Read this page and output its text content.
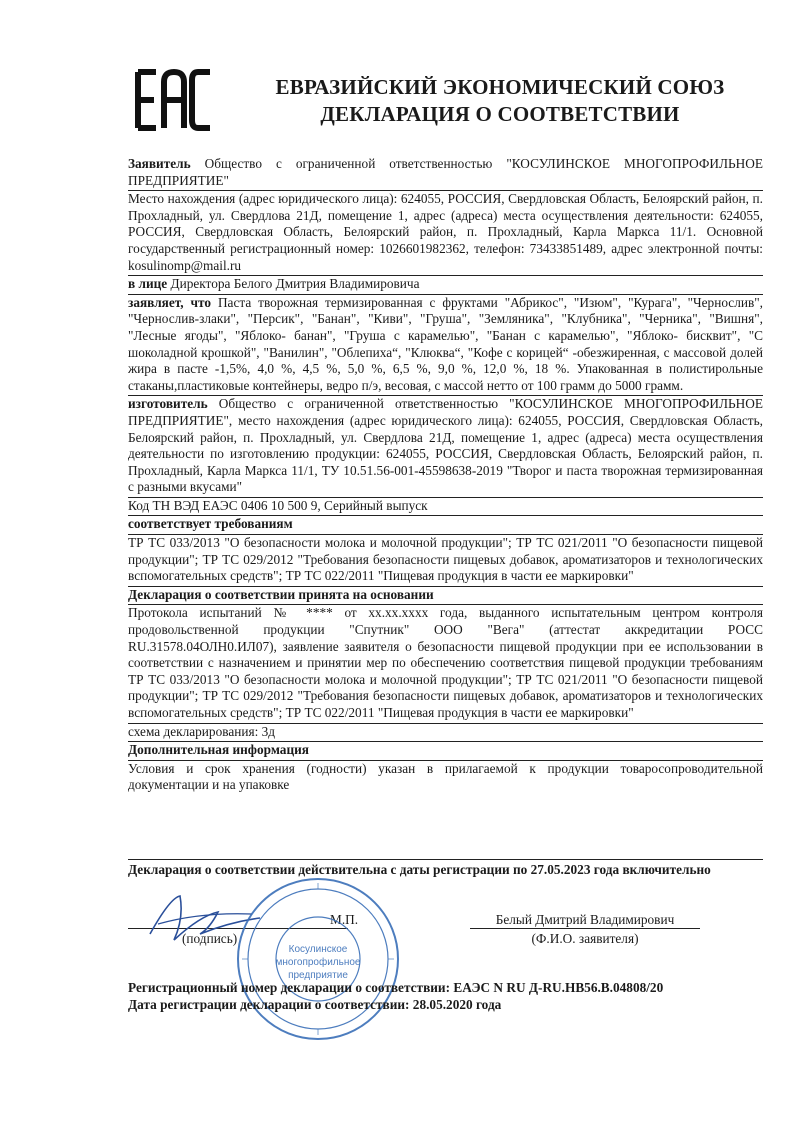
ЕВРАЗИЙСКИЙ ЭКОНОМИЧЕСКИЙ СОЮЗ
ДЕКЛАРАЦИЯ О СООТВЕТСТВИИ

Заявитель Общество с ограниченной ответственностью "КОСУЛИНСКОЕ МНОГОПРОФИЛЬНОЕ ПРЕДПРИЯТИЕ"

Место нахождения (адрес юридического лица): 624055, РОССИЯ, Свердловская Область, Белоярский район, п. Прохладный, ул. Свердлова 21Д, помещение 1, адрес (адреса) места осуществления деятельности: 624055, РОССИЯ, Свердловская Область, Белоярский район, п. Прохладный, Карла Маркса 11/1. Основной государственный регистрационный номер: 1026601982362, телефон: 73433851489, адрес электронной почты: kosulinomp@mail.ru

в лице Директора Белого Дмитрия Владимировича

заявляет, что Паста творожная термизированная с фруктами "Абрикос", "Изюм", "Курага", "Чернослив", "Чернослив-злаки", "Персик", "Банан", "Киви", "Груша", "Земляника", "Клубника", "Черника", "Вишня", "Лесные ягоды", "Яблоко- банан", "Груша с карамелью", "Банан с карамелью", "Яблоко- бисквит", "С шоколадной крошкой", "Ванилин", "Облепиха“, "Клюква“, "Кофе с корицей“ -обезжиренная, с массовой долей жира в пасте -1,5%, 4,0 %, 4,5 %, 5,0 %, 6,5 %, 9,0 %, 12,0 %, 18 %. Упакованная в полистирольные стаканы,пластиковые контейнеры, ведро п/э, весовая, с массой нетто от 100 грамм до 5000 грамм.

изготовитель Общество с ограниченной ответственностью "КОСУЛИНСКОЕ МНОГОПРОФИЛЬНОЕ ПРЕДПРИЯТИЕ", место нахождения (адрес юридического лица): 624055, РОССИЯ, Свердловская Область, Белоярский район, п. Прохладный, ул. Свердлова 21Д, помещение 1, адрес (адреса) места осуществления деятельности по изготовлению продукции: 624055, РОССИЯ, Свердловская Область, Белоярский район, п. Прохладный, Карла Маркса 11/1, ТУ 10.51.56-001-45598638-2019 "Творог и паста творожная термизированная с разными вкусами"

Код ТН ВЭД ЕАЭС 0406 10 500 9, Серийный выпуск

соответствует требованиям

ТР ТС 033/2013 "О безопасности молока и молочной продукции"; ТР ТС 021/2011 "О безопасности пищевой продукции"; ТР ТС 029/2012 "Требования безопасности пищевых добавок, ароматизаторов и технологических вспомогательных средств"; ТР ТС 022/2011 "Пищевая продукция в части ее маркировки"

Декларация о соответствии принята на основании

Протокола испытаний № **** от хх.хх.хххх года, выданного испытательным центром контроля продовольственной продукции "Спутник" ООО "Вега" (аттестат аккредитации РОСС RU.31578.04ОЛН0.ИЛ07), заявление заявителя о безопасности пищевой продукции при ее использовании в соответствии с назначением и принятии мер по обеспечению соответствия пищевой продукции требованиям ТР ТС 033/2013 "О безопасности молока и молочной продукции"; ТР ТС 021/2011 "О безопасности пищевой продукции"; ТР ТС 029/2012 "Требования безопасности пищевых добавок, ароматизаторов и технологических вспомогательных средств"; ТР ТС 022/2011 "Пищевая продукция в части ее маркировки"

схема декларирования: 3д

Дополнительная информация

Условия и срок хранения (годности) указан в прилагаемой к продукции товаросопроводительной документации и на упаковке

Декларация о соответствии действительна с даты регистрации по 27.05.2023 года включительно

(подпись)
М.П.	Белый Дмитрий Владимирович
(Ф.И.О. заявителя)
Косулинское
многопрофильное
предприятие
Регистрационный номер декларации о соответствии: ЕАЭС N RU Д-RU.HB56.B.04808/20
Дата регистрации декларации о соответствии: 28.05.2020 года
